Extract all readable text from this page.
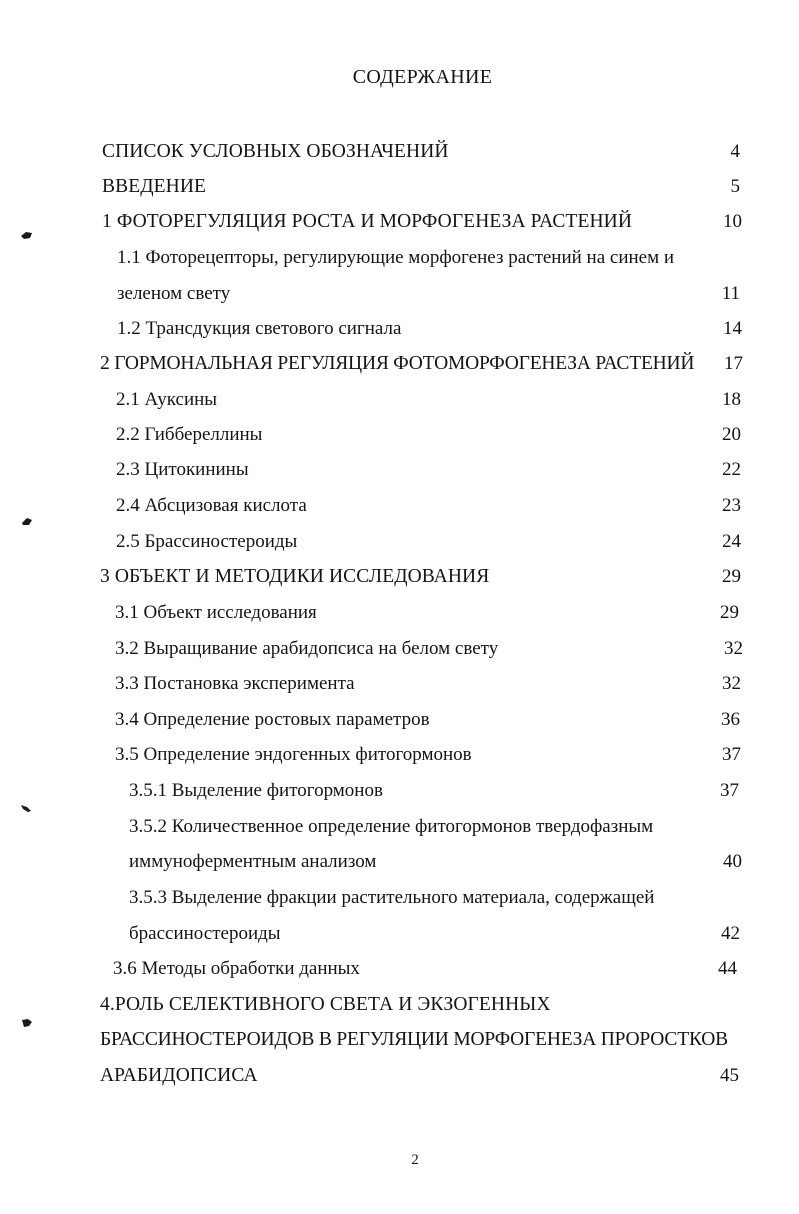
СОДЕРЖАНИЕ
СПИСОК УСЛОВНЫХ ОБОЗНАЧЕНИЙ	4
ВВЕДЕНИЕ	5
1 ФОТОРЕГУЛЯЦИЯ РОСТА И МОРФОГЕНЕЗА РАСТЕНИЙ	10
1.1 Фоторецепторы, регулирующие морфогенез растений на синем и
зеленом свету	11
1.2 Трансдукция светового сигнала	14
2 ГОРМОНАЛЬНАЯ РЕГУЛЯЦИЯ ФОТОМОРФОГЕНЕЗА РАСТЕНИЙ	17
2.1 Ауксины	18
2.2 Гиббереллины	20
2.3 Цитокинины	22
2.4 Абсцизовая кислота	23
2.5 Брассиностероиды	24
3 ОБЪЕКТ И МЕТОДИКИ ИССЛЕДОВАНИЯ	29
3.1 Объект исследования	29
3.2 Выращивание арабидопсиса на белом свету	32
3.3 Постановка эксперимента	32
3.4 Определение ростовых параметров	36
3.5 Определение эндогенных фитогормонов	37
3.5.1 Выделение фитогормонов	37
3.5.2 Количественное определение фитогормонов твердофазным
иммуноферментным анализом	40
3.5.3 Выделение фракции растительного материала, содержащей
брассиностероиды	42
3.6 Методы обработки данных	44
4.РОЛЬ СЕЛЕКТИВНОГО СВЕТА И ЭКЗОГЕННЫХ
БРАССИНОСТЕРОИДОВ В РЕГУЛЯЦИИ МОРФОГЕНЕЗА ПРОРОСТКОВ
АРАБИДОПСИСА	45
2
